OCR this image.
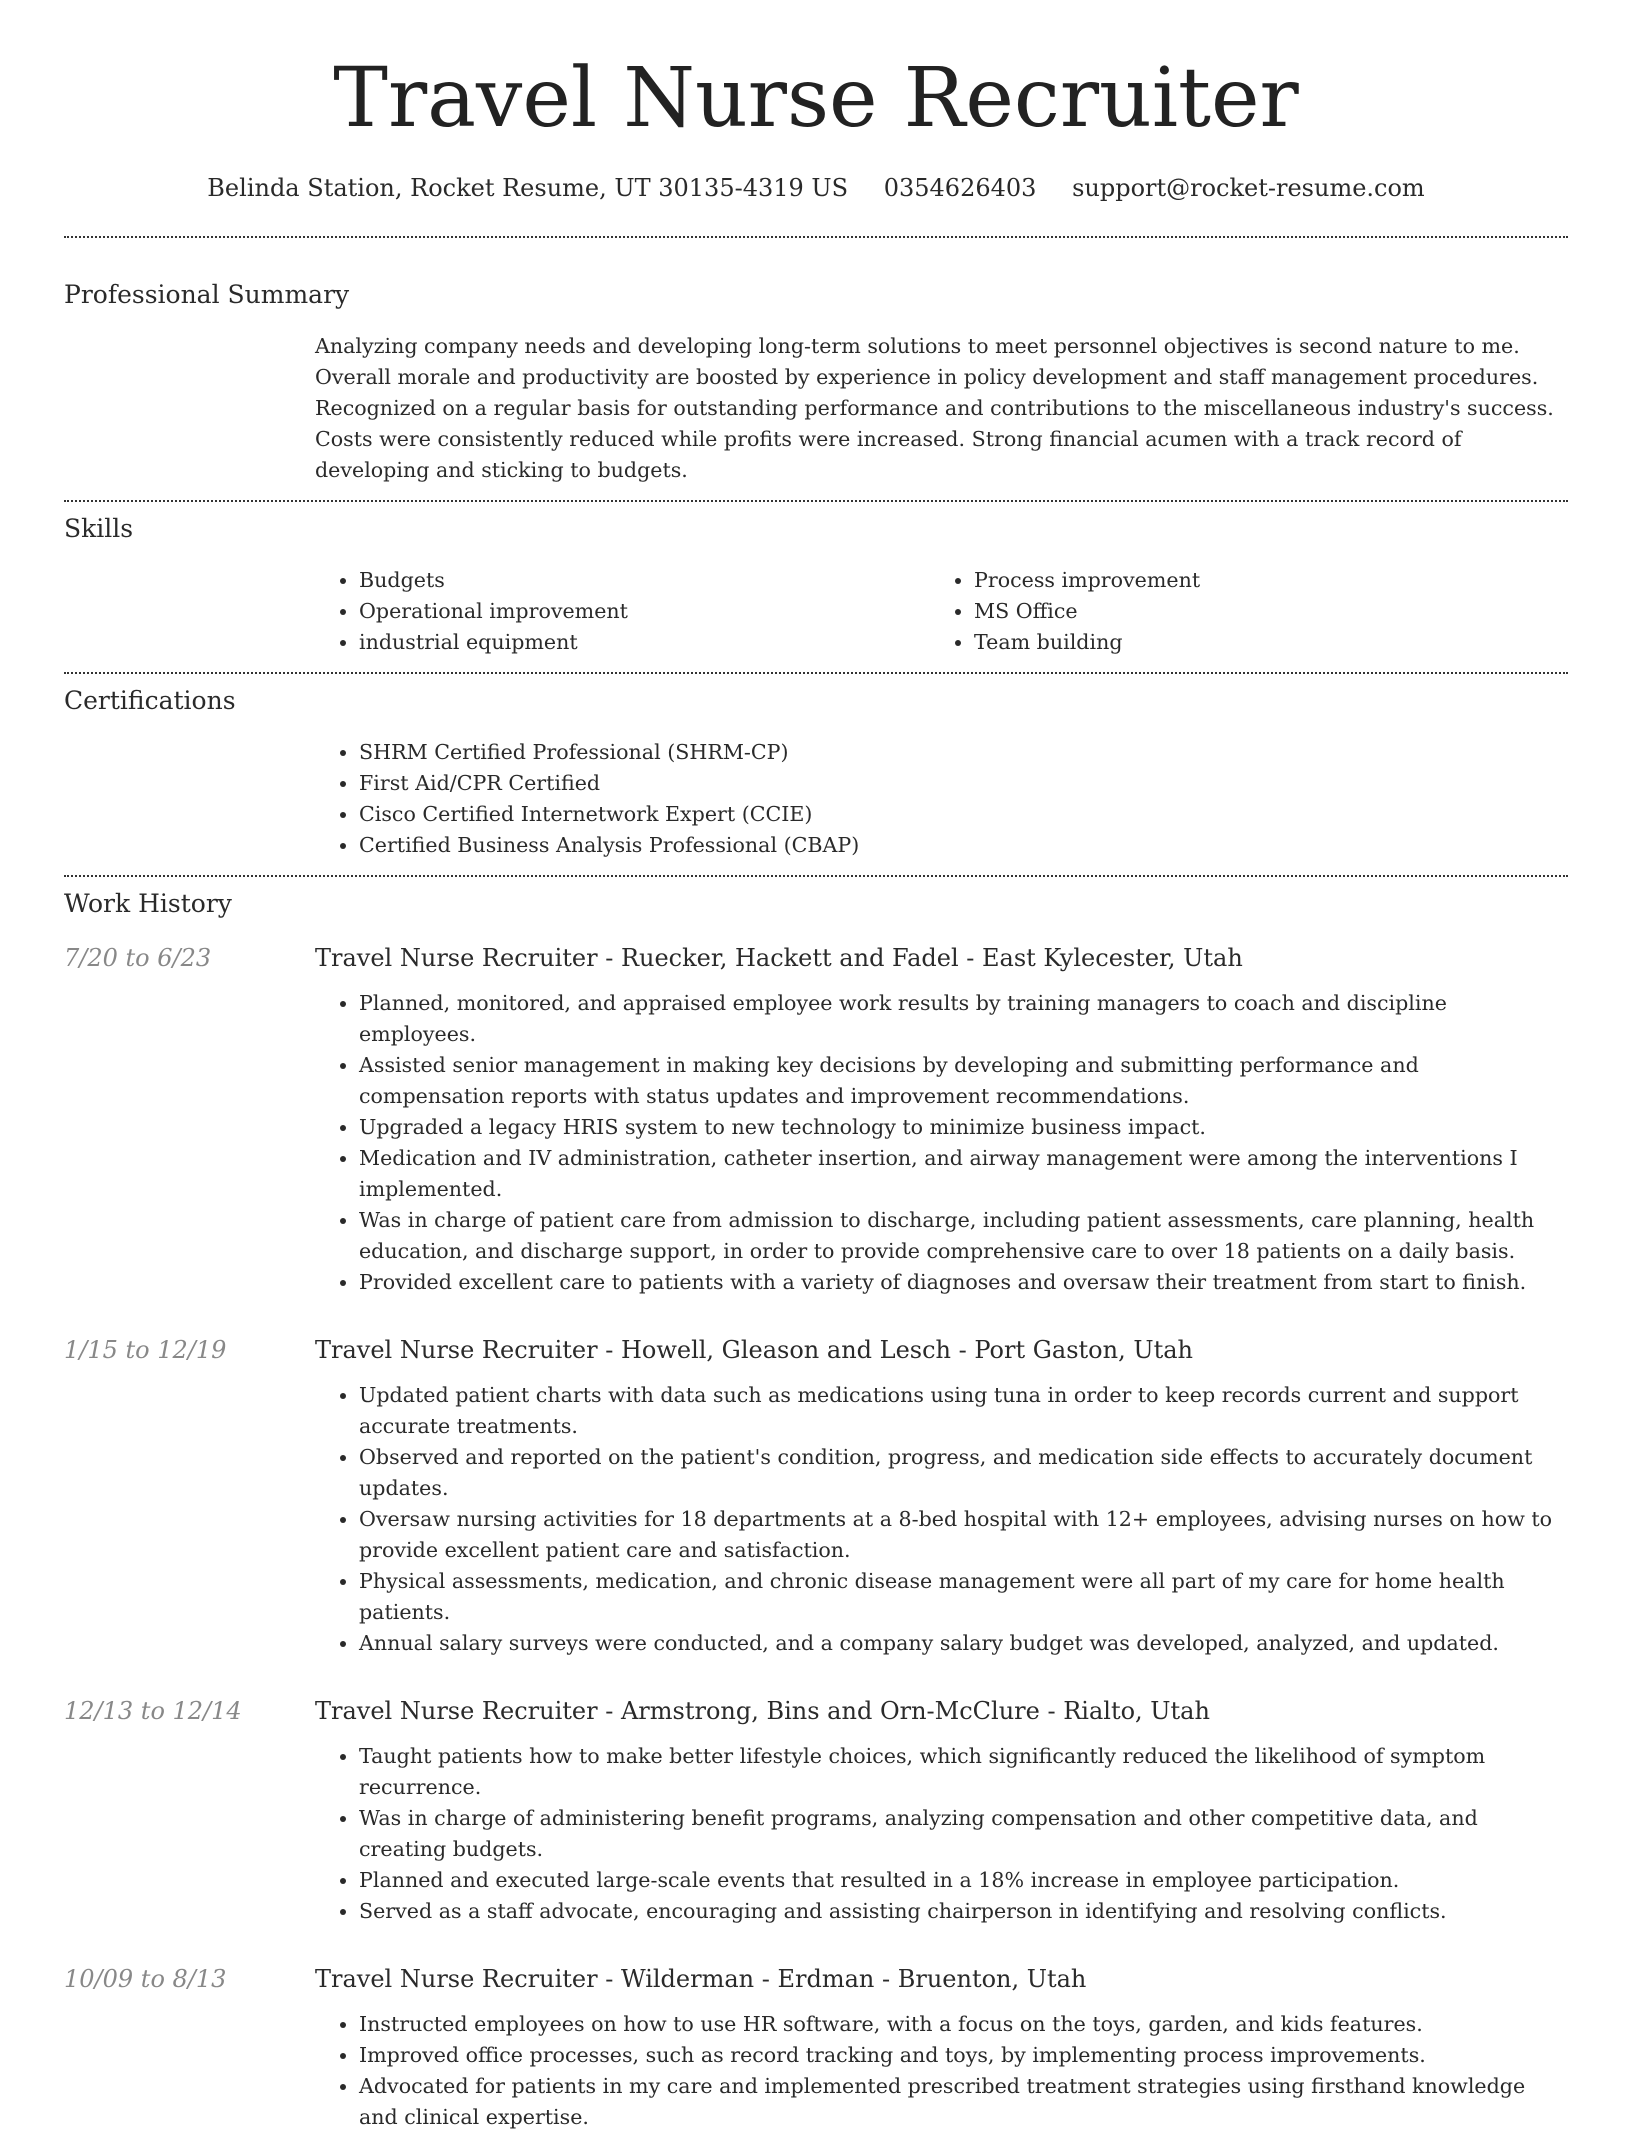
Travel Nurse Recruiter
Belinda Station, Rocket Resume, UT 30135-4319 US 0354626403 support@rocket-resume.com
Professional Summary

Analyzing company needs and developing long-term solutions to meet personnel objectives is second nature to me. Overall morale and productivity are boosted by experience in policy development and staff management procedures. Recognized on a regular basis for outstanding performance and contributions to the miscellaneous industry's success. Costs were consistently reduced while profits were increased. Strong financial acumen with a track record of developing and sticking to budgets.

Skills
• Budgets
• Operational improvement
• industrial equipment
• Process improvement
• MS Office
• Team building
Certifications
• SHRM Certified Professional (SHRM-CP)
• First Aid/CPR Certified
• Cisco Certified Internetwork Expert (CCIE)
• Certified Business Analysis Professional (CBAP)
Work History
7/20 to 6/23	Travel Nurse Recruiter - Ruecker, Hackett and Fadel - East Kylecester, Utah
• Planned, monitored, and appraised employee work results by training managers to coach and discipline employees.
• Assisted senior management in making key decisions by developing and submitting performance and compensation reports with status updates and improvement recommendations.
• Upgraded a legacy HRIS system to new technology to minimize business impact.
• Medication and IV administration, catheter insertion, and airway management were among the interventions I implemented.
• Was in charge of patient care from admission to discharge, including patient assessments, care planning, health education, and discharge support, in order to provide comprehensive care to over 18 patients on a daily basis.
• Provided excellent care to patients with a variety of diagnoses and oversaw their treatment from start to finish.
1/15 to 12/19	Travel Nurse Recruiter - Howell, Gleason and Lesch - Port Gaston, Utah
• Updated patient charts with data such as medications using tuna in order to keep records current and support accurate treatments.
• Observed and reported on the patient's condition, progress, and medication side effects to accurately document updates.
• Oversaw nursing activities for 18 departments at a 8-bed hospital with 12+ employees, advising nurses on how to provide excellent patient care and satisfaction.
• Physical assessments, medication, and chronic disease management were all part of my care for home health patients.
• Annual salary surveys were conducted, and a company salary budget was developed, analyzed, and updated.
12/13 to 12/14	Travel Nurse Recruiter - Armstrong, Bins and Orn-McClure - Rialto, Utah
• Taught patients how to make better lifestyle choices, which significantly reduced the likelihood of symptom recurrence.
• Was in charge of administering benefit programs, analyzing compensation and other competitive data, and creating budgets.
• Planned and executed large-scale events that resulted in a 18% increase in employee participation.
• Served as a staff advocate, encouraging and assisting chairperson in identifying and resolving conflicts.
10/09 to 8/13	Travel Nurse Recruiter - Wilderman - Erdman - Bruenton, Utah
• Instructed employees on how to use HR software, with a focus on the toys, garden, and kids features.
• Improved office processes, such as record tracking and toys, by implementing process improvements.
• Advocated for patients in my care and implemented prescribed treatment strategies using firsthand knowledge and clinical expertise.
